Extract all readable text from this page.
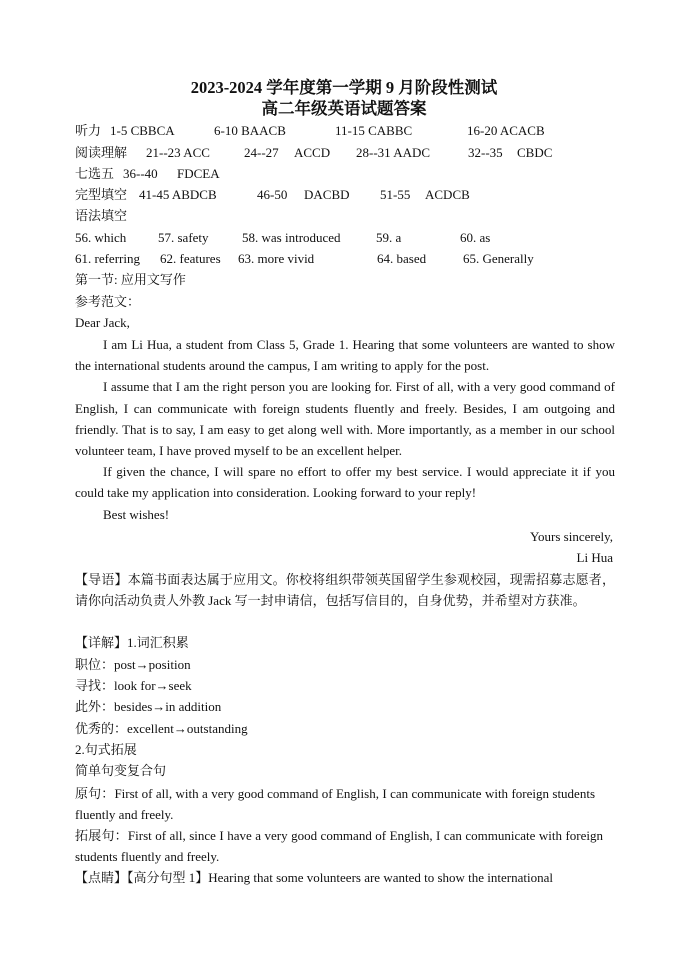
2023-2024 学年度第一学期 9 月阶段性测试
高二年级英语试题答案
听力 1-5 CBBCA	6-10 BAACB	11-15 CABBC	16-20 ACACB
阅读理解 21--23 ACC	24--27 ACCD 28--31 AADC	32--35 CBDC
七选五 36--40 FDCEA
完型填空 41-45 ABDCB	46-50 DACBD 51-55 ACDCB
语法填空
56. which 57. safety	58. was introduced	59. a	60. as
61. referring 62. features 63. more vivid	64. based	65. Generally
第一节: 应用文写作
参考范文：
Dear Jack,

I am Li Hua, a student from Class 5, Grade 1. Hearing that some volunteers are wanted to show the international students around the campus, I am writing to apply for the post.

I assume that I am the right person you are looking for. First of all, with a very good command of English, I can communicate with foreign students fluently and freely. Besides, I am outgoing and friendly. That is to say, I am easy to get along well with. More importantly, as a member in our school volunteer team, I have proved myself to be an excellent helper.

If given the chance, I will spare no effort to offer my best service. I would appreciate it if you could take my application into consideration. Looking forward to your reply!

Best wishes!
Yours sincerely,
Li Hua

【导语】本篇书面表达属于应用文。你校将组织带领英国留学生参观校园，现需招募志愿者，请你向活动负责人外教 Jack 写一封申请信，包括写信目的，自身优势，并希望对方获准。

【详解】1.词汇积累
职位：post→position
寻找：look for→seek
此外：besides→in addition
优秀的：excellent→outstanding
2.句式拓展
简单句变复合句

原句：First of all, with a very good command of English, I can communicate with foreign students fluently and freely.

拓展句：First of all, since I have a very good command of English, I can communicate with foreign students fluently and freely.

【点睛】【高分句型 1】Hearing that some volunteers are wanted to show the international
